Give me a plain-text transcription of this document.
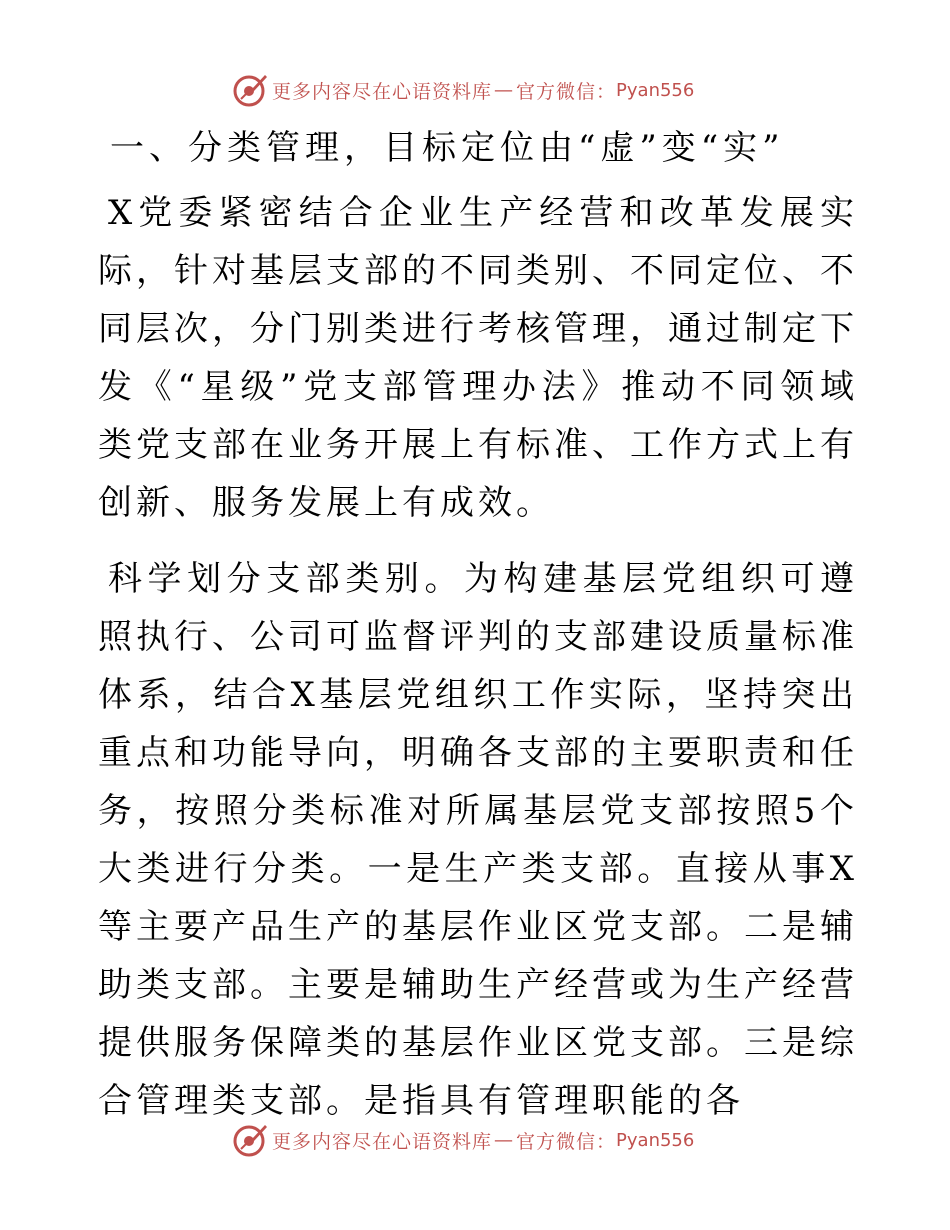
更多内容尽在心语资料库 — 官方微信： Pyan556
一、分类管理，目标定位由“虚”变“实”

X党委紧密结合企业生产经营和改革发展实际，针对基层支部的不同类别、不同定位、不同层次，分门别类进行考核管理，通过制定下发《“星级”党支部管理办法》推动不同领域类党支部在业务开展上有标准、工作方式上有创新、服务发展上有成效。

科学划分支部类别。为构建基层党组织可遵照执行、公司可监督评判的支部建设质量标准体系，结合X基层党组织工作实际，坚持突出重点和功能导向，明确各支部的主要职责和任务，按照分类标准对所属基层党支部按照5个大类进行分类。一是生产类支部。直接从事X等主要产品生产的基层作业区党支部。二是辅助类支部。主要是辅助生产经营或为生产经营提供服务保障类的基层作业区党支部。三是综合管理类支部。是指具有管理职能的各

更多内容尽在心语资料库 — 官方微信： Pyan556
